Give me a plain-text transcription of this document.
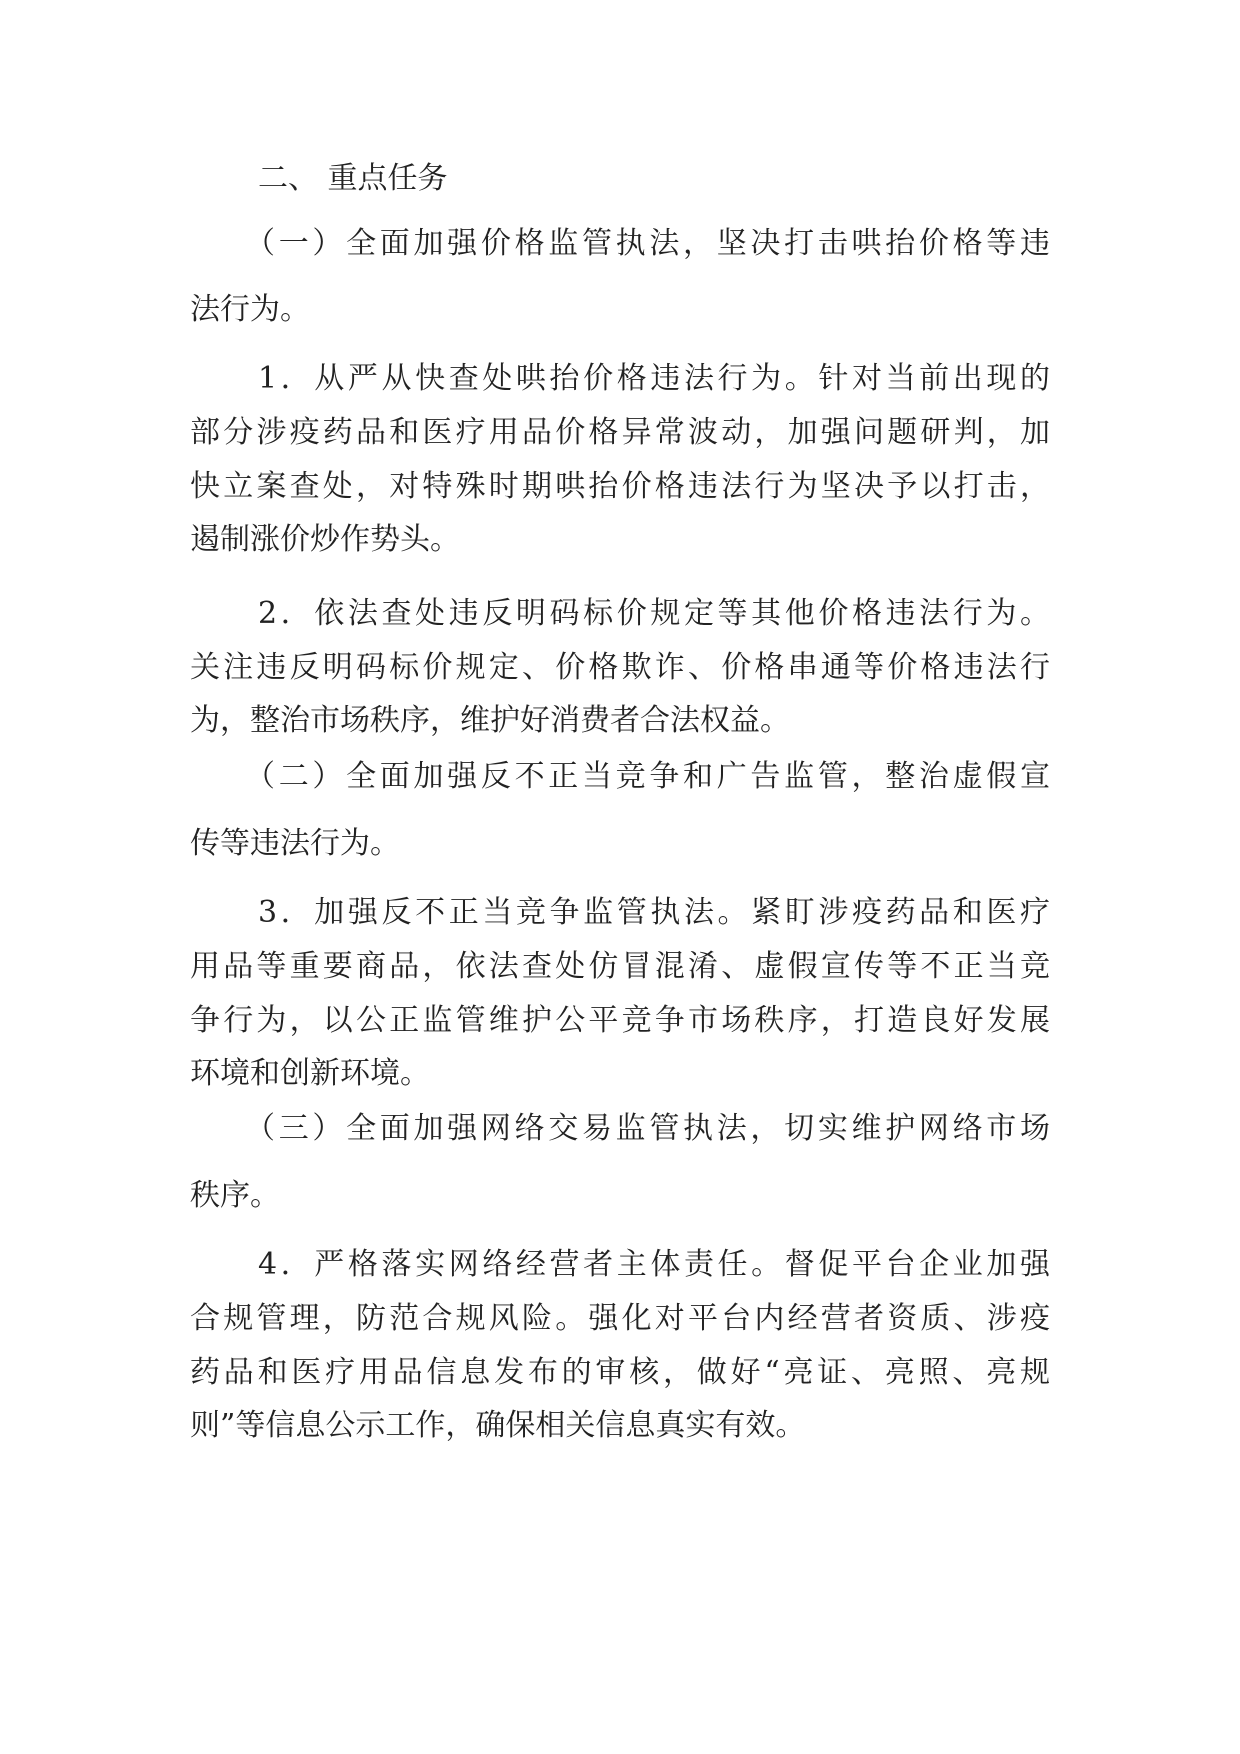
二、 重点任务
（一）全面加强价格监管执法，坚决打击哄抬价格等违
法行为。
1．从严从快查处哄抬价格违法行为。针对当前出现的
部分涉疫药品和医疗用品价格异常波动，加强问题研判，加
快立案查处，对特殊时期哄抬价格违法行为坚决予以打击，
遏制涨价炒作势头。
2．依法查处违反明码标价规定等其他价格违法行为。
关注违反明码标价规定、价格欺诈、价格串通等价格违法行
为，整治市场秩序，维护好消费者合法权益。
（二）全面加强反不正当竞争和广告监管，整治虚假宣
传等违法行为。
3．加强反不正当竞争监管执法。紧盯涉疫药品和医疗
用品等重要商品，依法查处仿冒混淆、虚假宣传等不正当竞
争行为，以公正监管维护公平竞争市场秩序，打造良好发展
环境和创新环境。
（三）全面加强网络交易监管执法，切实维护网络市场
秩序。
4．严格落实网络经营者主体责任。督促平台企业加强
合规管理，防范合规风险。强化对平台内经营者资质、涉疫
药品和医疗用品信息发布的审核，做好“亮证、亮照、亮规
则”等信息公示工作，确保相关信息真实有效。
